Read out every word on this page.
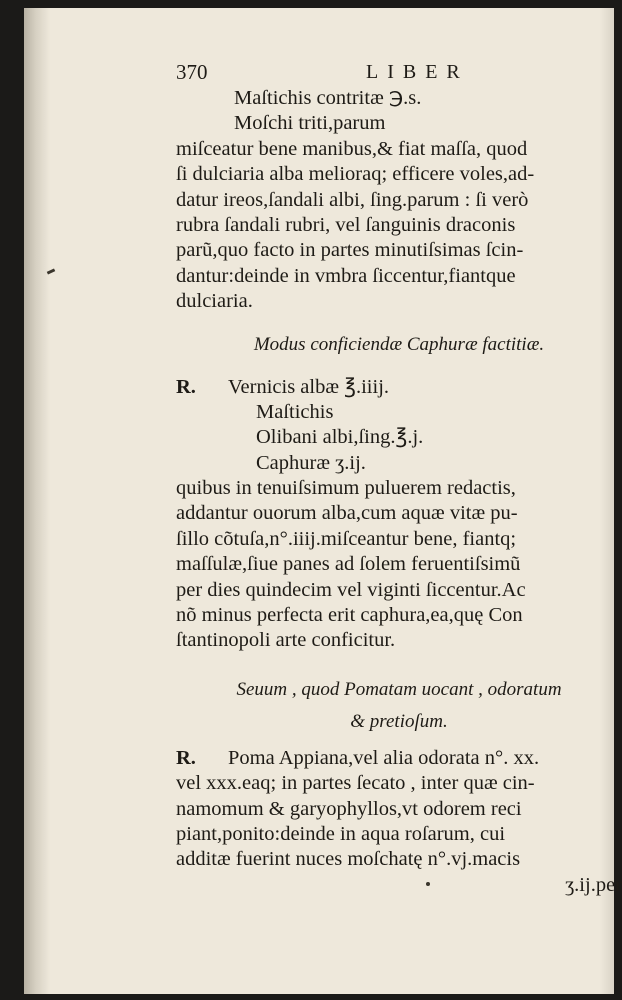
370	LIBER
Maſtichis contritæ ℈.s.
Moſchi triti,parum
miſceatur bene manibus,& fiat maſſa, quod
ſi dulciaria alba melioraq; efficere voles,ad-
datur ireos,ſandali albi, ſing.parum : ſi verò
rubra ſandali rubri, vel ſanguinis draconis
parũ,quo facto in partes minutiſsimas ſcin-
dantur:deinde in vmbra ſiccentur,fiantque
dulciaria.
Modus conficiendæ Caphuræ factitiæ.
R. Vernicis albæ ℥.iiij.
Maſtichis
Olibani albi,ſing.℥.j.
Caphuræ ʒ.ij.
quibus in tenuiſsimum puluerem redactis,
addantur ouorum alba,cum aquæ vitæ pu-
ſillo cõtuſa,n°.iiij.miſceantur bene, fiantq;
maſſulæ,ſiue panes ad ſolem feruentiſsimũ
per dies quindecim vel viginti ſiccentur.Ac
nõ minus perfecta erit caphura,ea,quę Con
ſtantinopoli arte conficitur.
Seuum , quod Pomatam uocant , odoratum
& pretioſum.
R. Poma Appiana,vel alia odorata n°. xx.
vel xxx.eaq; in partes ſecato , inter quæ cin-
namomum & garyophyllos,vt odorem reci
piant,ponito:deinde in aqua roſarum, cui
additæ fuerint nuces moſchatę n°.vj.macis
ʒ.ij.per
